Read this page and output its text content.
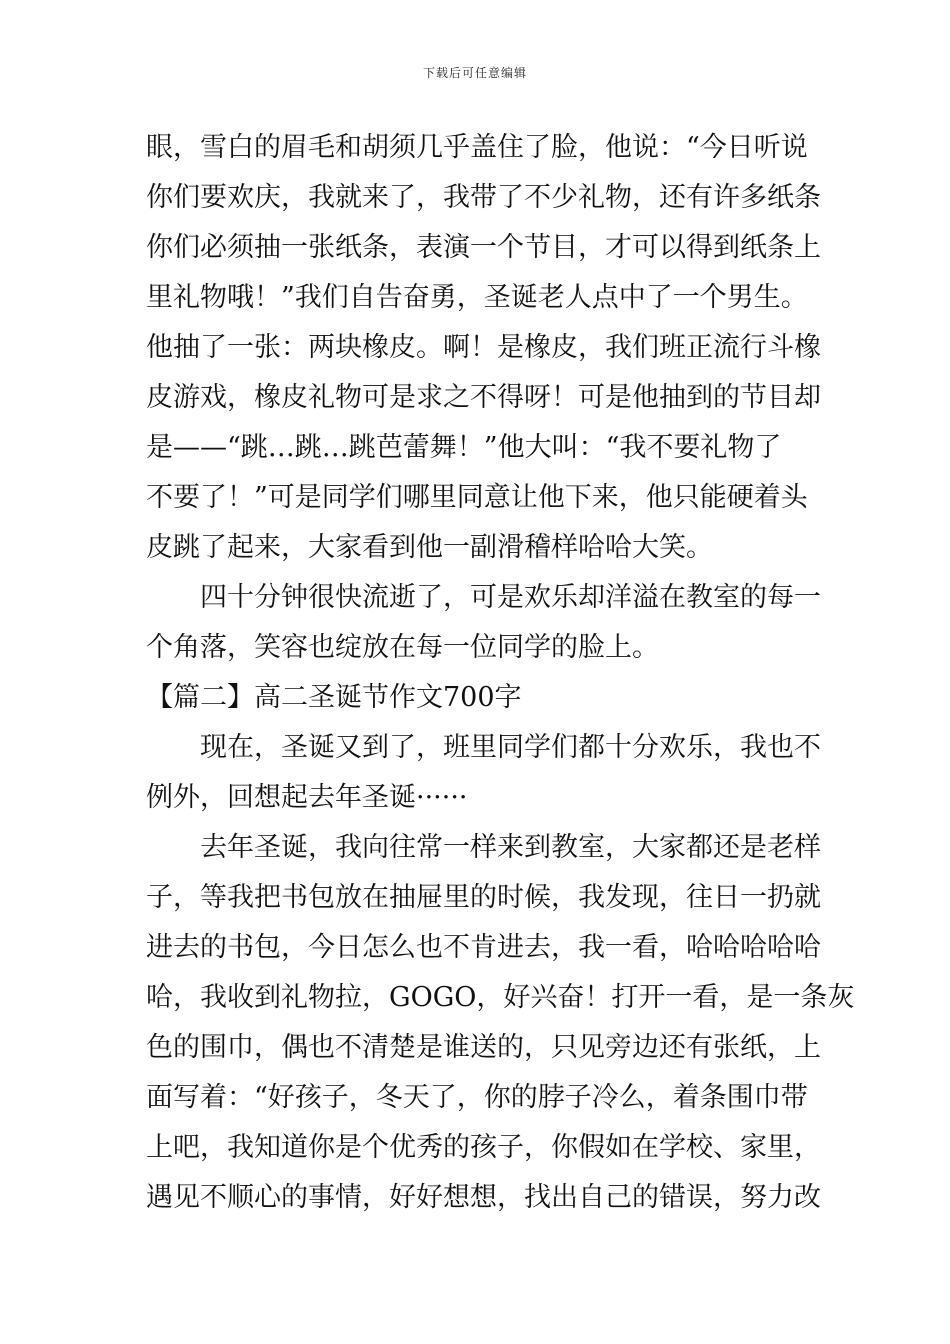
下载后可任意编辑
眼，雪白的眉毛和胡须几乎盖住了脸，他说：“今日听说
你们要欢庆，我就来了，我带了不少礼物，还有许多纸条
你们必须抽一张纸条，表演一个节目，才可以得到纸条上
里礼物哦！”我们自告奋勇，圣诞老人点中了一个男生。
他抽了一张：两块橡皮。啊！是橡皮，我们班正流行斗橡
皮游戏，橡皮礼物可是求之不得呀！可是他抽到的节目却
是——“跳…跳…跳芭蕾舞！”他大叫：“我不要礼物了
不要了！”可是同学们哪里同意让他下来，他只能硬着头
皮跳了起来，大家看到他一副滑稽样哈哈大笑。
四十分钟很快流逝了，可是欢乐却洋溢在教室的每一
个角落，笑容也绽放在每一位同学的脸上。
【篇二】高二圣诞节作文700字
现在，圣诞又到了，班里同学们都十分欢乐，我也不
例外，回想起去年圣诞······
去年圣诞，我向往常一样来到教室，大家都还是老样
子，等我把书包放在抽屉里的时候，我发现，往日一扔就
进去的书包，今日怎么也不肯进去，我一看，哈哈哈哈哈
哈，我收到礼物拉，GOGO，好兴奋！打开一看，是一条灰
色的围巾，偶也不清楚是谁送的，只见旁边还有张纸，上
面写着：“好孩子，冬天了，你的脖子冷么，着条围巾带
上吧，我知道你是个优秀的孩子，你假如在学校、家里，
遇见不顺心的事情，好好想想，找出自己的错误，努力改
